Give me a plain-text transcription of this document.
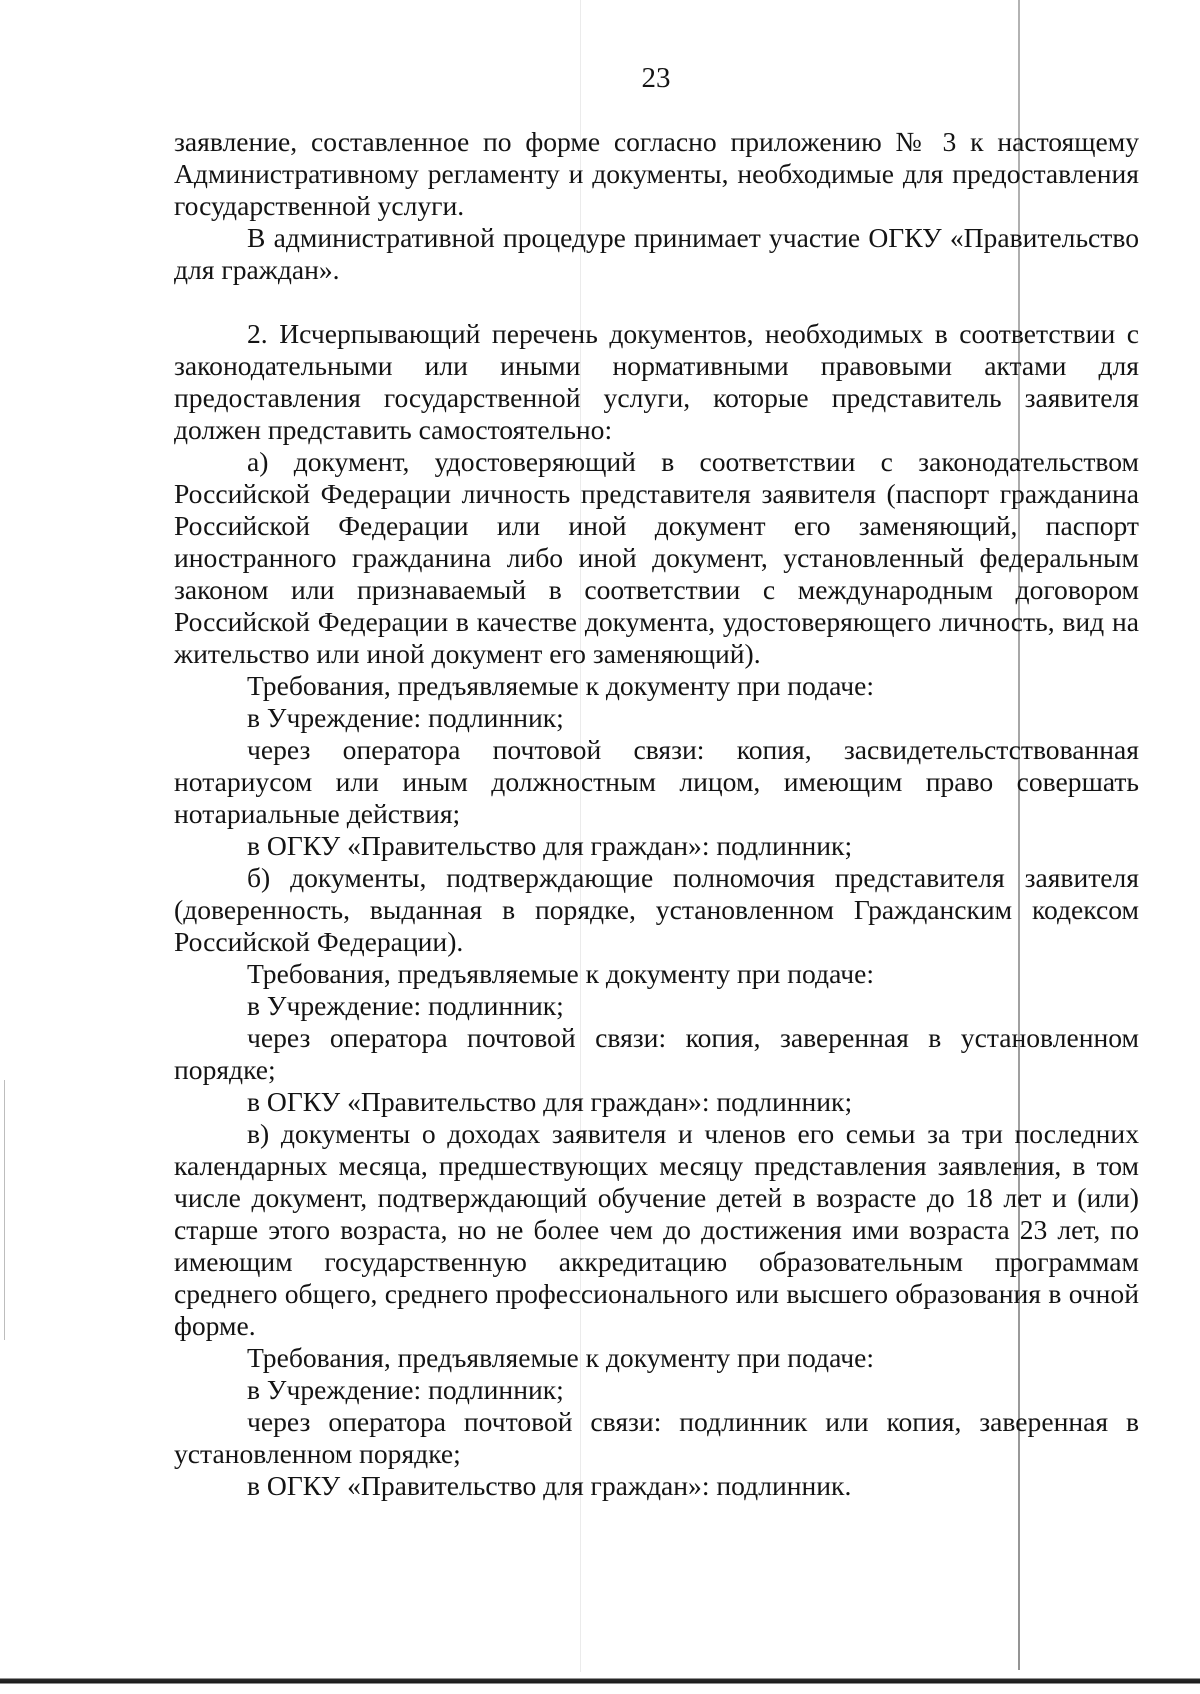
23

заявление, составленное по форме согласно приложению № 3 к настоящему Административному регламенту и документы, необходимые для предоставления государственной услуги.

В административной процедуре принимает участие ОГКУ «Правительство для граждан».

2. Исчерпывающий перечень документов, необходимых в соответствии с законодательными или иными нормативными правовыми актами для предоставления государственной услуги, которые представитель заявителя должен представить самостоятельно:

а) документ, удостоверяющий в соответствии с законодательством Российской Федерации личность представителя заявителя (паспорт гражданина Российской Федерации или иной документ его заменяющий, паспорт иностранного гражданина либо иной документ, установленный федеральным законом или признаваемый в соответствии с международным договором Российской Федерации в качестве документа, удостоверяющего личность, вид на жительство или иной документ его заменяющий).

Требования, предъявляемые к документу при подаче:

в Учреждение: подлинник;

через оператора почтовой связи: копия, засвидетельстствованная нотариусом или иным должностным лицом, имеющим право совершать нотариальные действия;

в ОГКУ «Правительство для граждан»: подлинник;

б) документы, подтверждающие полномочия представителя заявителя (доверенность, выданная в порядке, установленном Гражданским кодексом Российской Федерации).

Требования, предъявляемые к документу при подаче:

в Учреждение: подлинник;

через оператора почтовой связи: копия, заверенная в установленном порядке;

в ОГКУ «Правительство для граждан»: подлинник;

в) документы о доходах заявителя и членов его семьи за три последних календарных месяца, предшествующих месяцу представления заявления, в том числе документ, подтверждающий обучение детей в возрасте до 18 лет и (или) старше этого возраста, но не более чем до достижения ими возраста 23 лет, по имеющим государственную аккредитацию образовательным программам среднего общего, среднего профессионального или высшего образования в очной форме.

Требования, предъявляемые к документу при подаче:

в Учреждение: подлинник;

через оператора почтовой связи: подлинник или копия, заверенная в установленном порядке;

в ОГКУ «Правительство для граждан»: подлинник.
